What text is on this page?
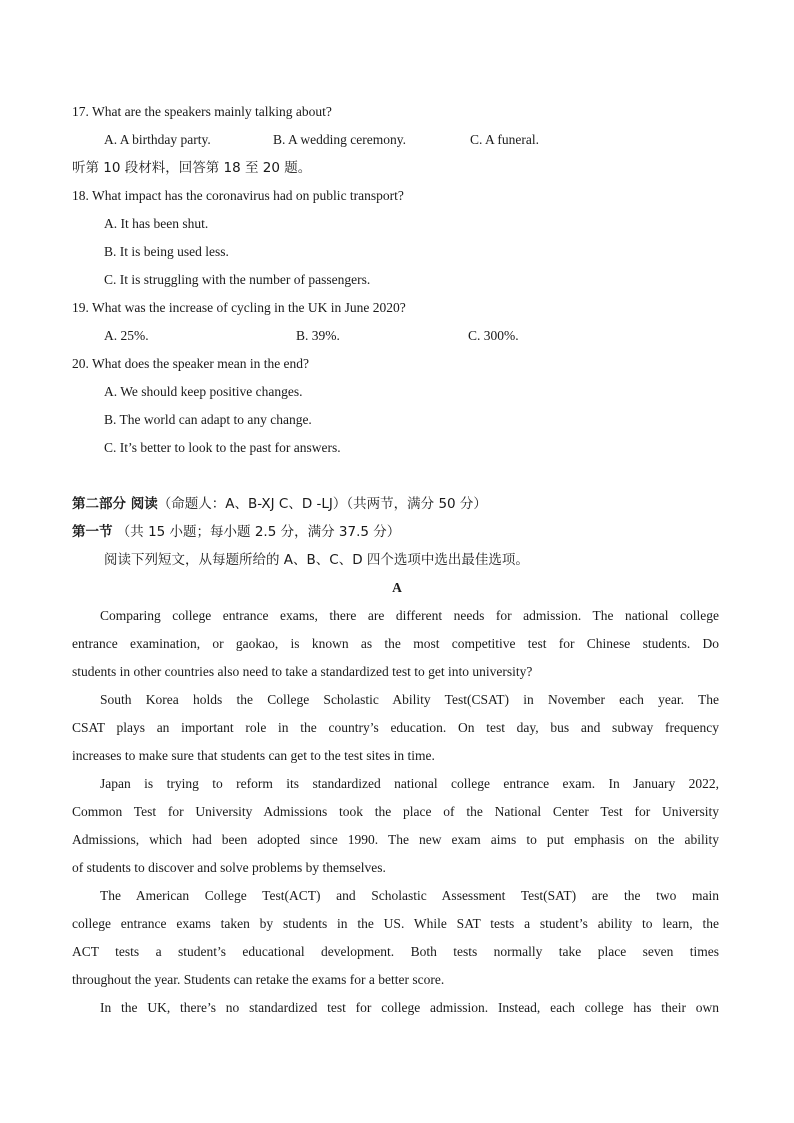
17. What are the speakers mainly talking about?
A. A birthday party.	B. A wedding ceremony.	C. A funeral.
听第 10 段材料，回答第 18 至 20 题。
18. What impact has the coronavirus had on public transport?
A. It has been shut.
B. It is being used less.
C. It is struggling with the number of passengers.
19. What was the increase of cycling in the UK in June 2020?
A. 25%.	B. 39%.	C. 300%.
20. What does the speaker mean in the end?
A. We should keep positive changes.
B. The world can adapt to any change.
C. It’s better to look to the past for answers.
第二部分 阅读（命题人：A、B-XJ C、D -LJ）（共两节，满分 50 分）
第一节 （共 15 小题；每小题 2.5 分，满分 37.5 分）
阅读下列短文，从每题所给的 A、B、C、D 四个选项中选出最佳选项。
A
Comparing college entrance exams, there are different needs for admission. The national college
entrance examination, or gaokao, is known as the most competitive test for Chinese students. Do
students in other countries also need to take a standardized test to get into university?
South Korea holds the College Scholastic Ability Test(CSAT) in November each year. The
CSAT plays an important role in the country’s education. On test day, bus and subway frequency
increases to make sure that students can get to the test sites in time.
Japan is trying to reform its standardized national college entrance exam. In January 2022,
Common Test for University Admissions took the place of the National Center Test for University
Admissions, which had been adopted since 1990. The new exam aims to put emphasis on the ability
of students to discover and solve problems by themselves.
The American College Test(ACT) and Scholastic Assessment Test(SAT) are the two main
college entrance exams taken by students in the US. While SAT tests a student’s ability to learn, the
ACT tests a student’s educational development. Both tests normally take place seven times
throughout the year. Students can retake the exams for a better score.
In the UK, there’s no standardized test for college admission. Instead, each college has their own
